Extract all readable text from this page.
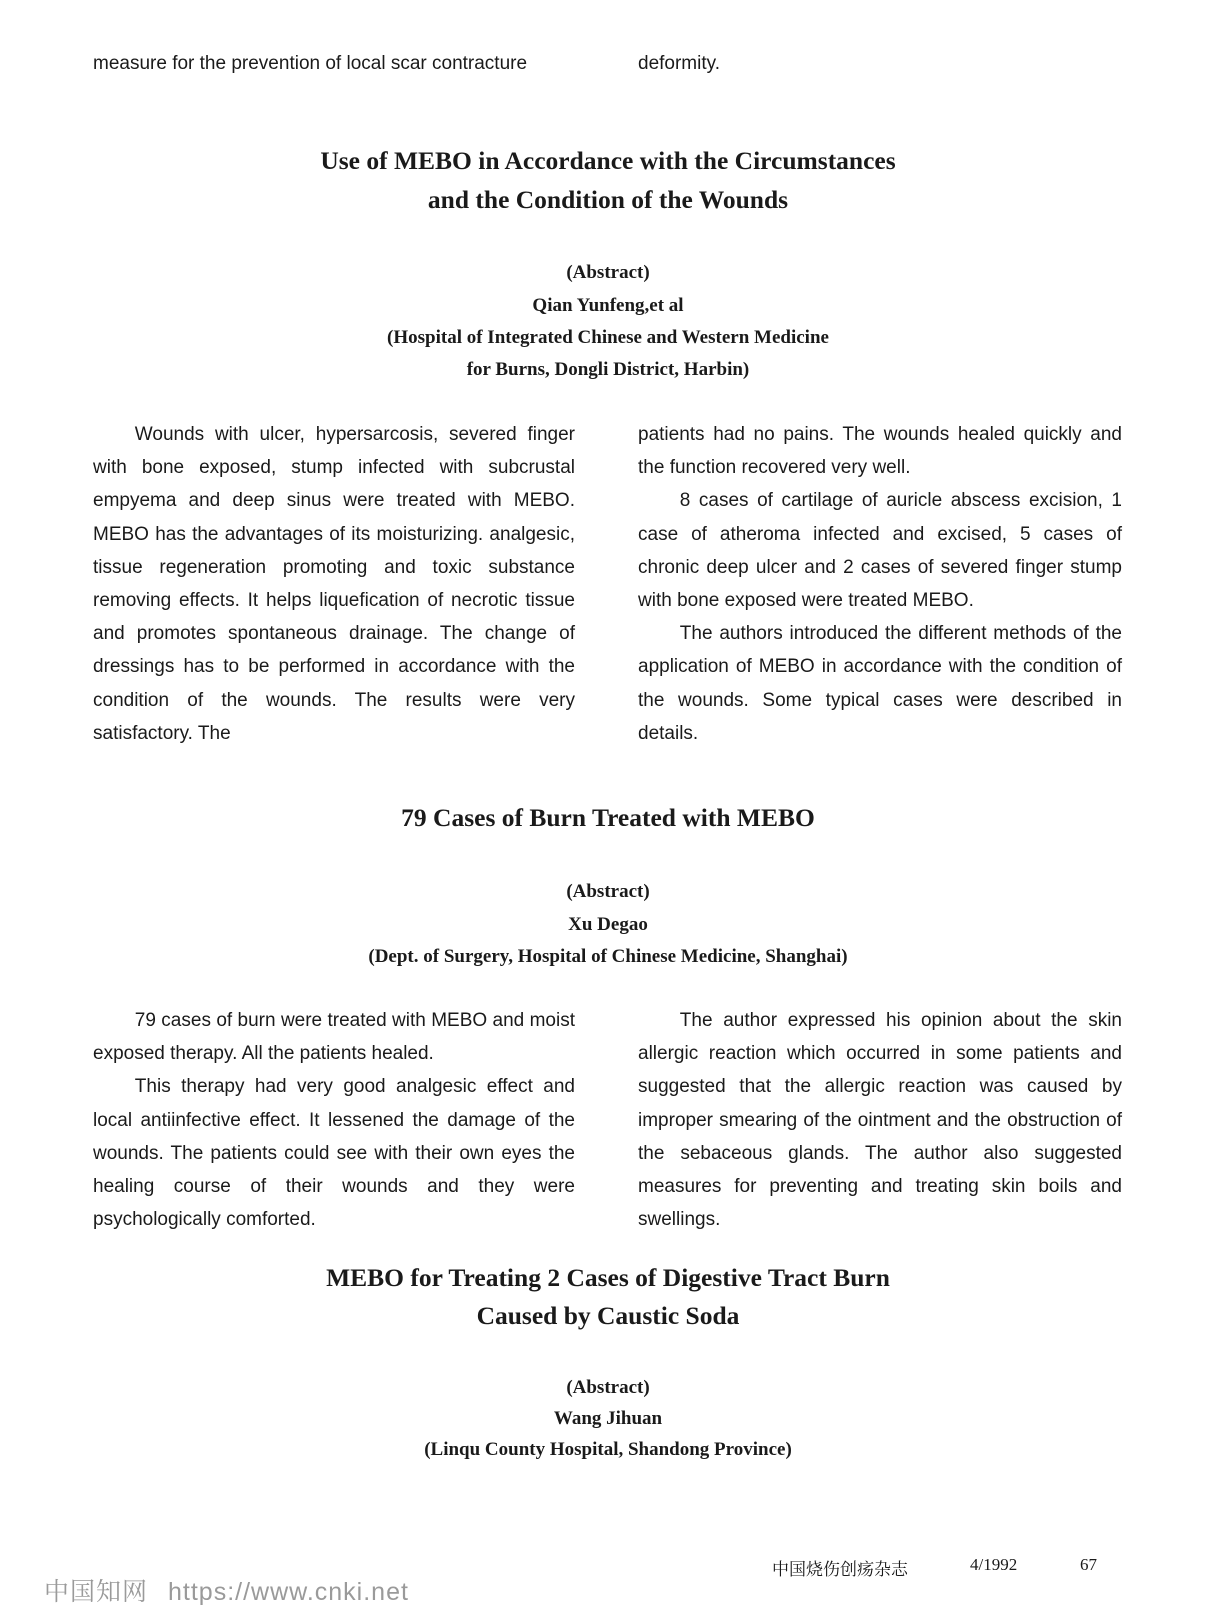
measure for the prevention of local scar contracture	deformity.
Use of MEBO in Accordance with the Circumstances
and the Condition of the Wounds
(Abstract)
Qian Yunfeng,et al
(Hospital of Integrated Chinese and Western Medicine
for Burns, Dongli District, Harbin)

Wounds with ulcer, hypersarcosis, severed finger with bone exposed, stump infected with subcrustal empyema and deep sinus were treated with MEBO. MEBO has the advantages of its moisturizing. analgesic, tissue regeneration promoting and toxic substance removing effects. It helps liquefication of necrotic tissue and promotes spontaneous drainage. The change of dressings has to be performed in accordance with the condition of the wounds. The results were very satisfactory. The

patients had no pains. The wounds healed quickly and the function recovered very well.

8 cases of cartilage of auricle abscess excision, 1 case of atheroma infected and excised, 5 cases of chronic deep ulcer and 2 cases of severed finger stump with bone exposed were treated MEBO.

The authors introduced the different methods of the application of MEBO in accordance with the condition of the wounds. Some typical cases were described in details.

79 Cases of Burn Treated with MEBO
(Abstract)
Xu Degao
(Dept. of Surgery, Hospital of Chinese Medicine, Shanghai)

79 cases of burn were treated with MEBO and moist exposed therapy. All the patients healed.

This therapy had very good analgesic effect and local antiinfective effect. It lessened the damage of the wounds. The patients could see with their own eyes the healing course of their wounds and they were psychologically comforted.

The author expressed his opinion about the skin allergic reaction which occurred in some patients and suggested that the allergic reaction was caused by improper smearing of the ointment and the obstruction of the sebaceous glands. The author also suggested measures for preventing and treating skin boils and swellings.

MEBO for Treating 2 Cases of Digestive Tract Burn
Caused by Caustic Soda
(Abstract)
Wang Jihuan
(Linqu County Hospital, Shandong Province)
中国烧伤创疡杂志	4/1992	67
中国知网 https://www.cnki.net
